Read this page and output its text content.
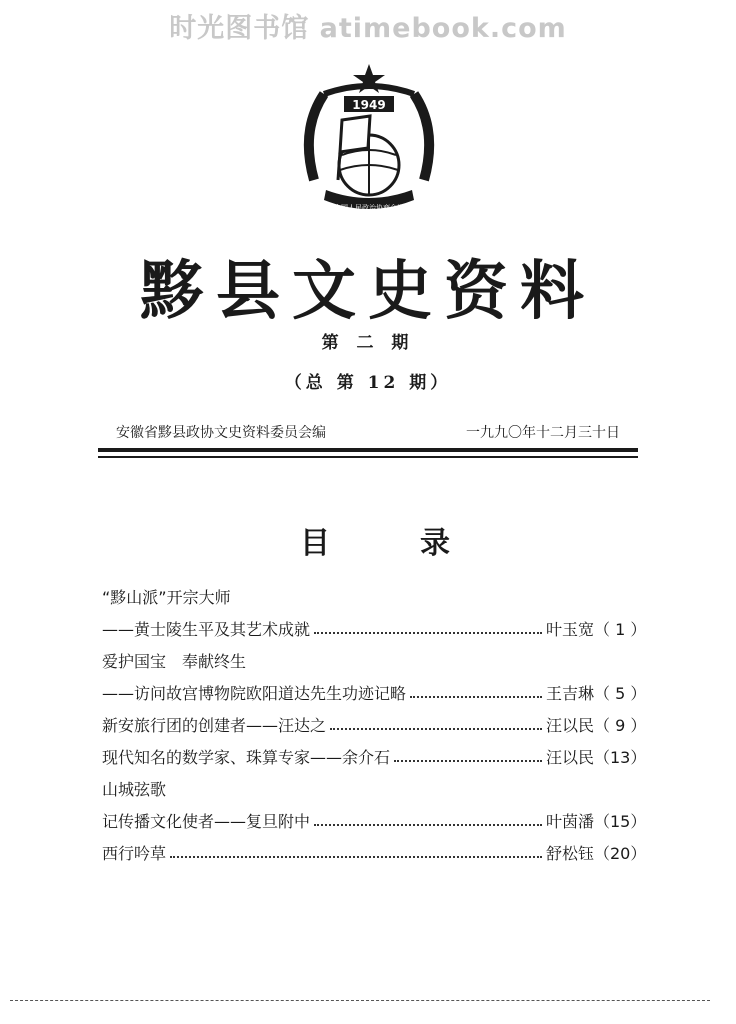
时光图书馆 atimebook.com
1949
中国人民政治协商会议
黟县文史资料
第 二 期
（总 第 12 期）
安徽省黟县政协文史资料委员会编	一九九〇年十二月三十日
目	录
“黟山派”开宗大师
——黄士陵生平及其艺术成就	叶玉宽 （ 1 ）
爱护国宝　奉献终生
——访问故宫博物院欧阳道达先生功迹记略	王吉琳 （ 5 ）
新安旅行团的创建者——汪达之	汪以民 （ 9 ）
现代知名的数学家、珠算专家——余介石	汪以民 （13）
山城弦歌
记传播文化使者——复旦附中	叶茵潘 （15）
西行吟草	舒松钰 （20）
